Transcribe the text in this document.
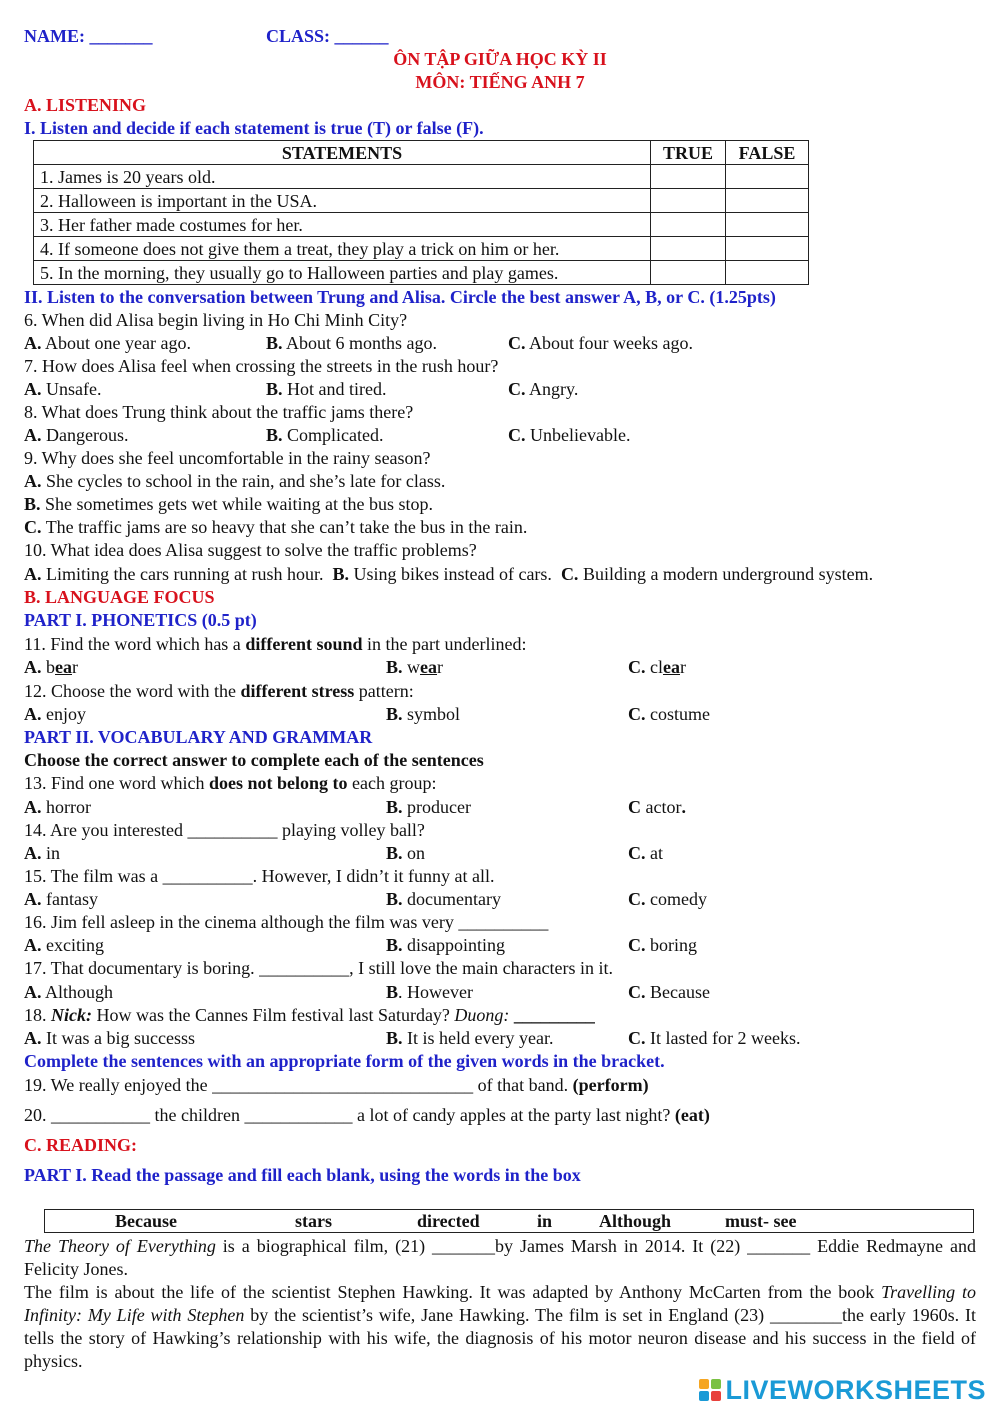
NAME: _______	CLASS: ______
ÔN TẬP GIỮA HỌC KỲ II
MÔN: TIẾNG ANH 7
A. LISTENING
I. Listen and decide if each statement is true (T) or false (F).
STATEMENTS	TRUE	FALSE
1. James is 20 years old.		
2. Halloween is important in the USA.		
3. Her father made costumes for her.		
4. If someone does not give them a treat, they play a trick on him or her.		
5. In the morning, they usually go to Halloween parties and play games.		
II. Listen to the conversation between Trung and Alisa. Circle the best answer A, B, or C. (1.25pts)
6. When did Alisa begin living in Ho Chi Minh City?
A. About one year ago.	B. About 6 months ago.	C. About four weeks ago.
7. How does Alisa feel when crossing the streets in the rush hour?
A. Unsafe.	B. Hot and tired.	C. Angry.
8. What does Trung think about the traffic jams there?
A. Dangerous.	B. Complicated.	C. Unbelievable.
9. Why does she feel uncomfortable in the rainy season?
A. She cycles to school in the rain, and she’s late for class.
B. She sometimes gets wet while waiting at the bus stop.
C. The traffic jams are so heavy that she can’t take the bus in the rain.
10. What idea does Alisa suggest to solve the traffic problems?
A. Limiting the cars running at rush hour. B. Using bikes instead of cars. C. Building a modern underground system.
B. LANGUAGE FOCUS
PART I. PHONETICS (0.5 pt)
11. Find the word which has a different sound in the part underlined:
A. bear	B. wear	C. clear
12. Choose the word with the different stress pattern:
A. enjoy	B. symbol	C. costume
PART II. VOCABULARY AND GRAMMAR
Choose the correct answer to complete each of the sentences
13. Find one word which does not belong to each group:
A. horror	B. producer	C actor.
14. Are you interested __________ playing volley ball?
A. in	B. on	C. at
15. The film was a __________. However, I didn’t it funny at all.
A. fantasy	B. documentary	C. comedy
16. Jim fell asleep in the cinema although the film was very __________
A. exciting	B. disappointing	C. boring
17. That documentary is boring. __________, I still love the main characters in it.
A. Although	B. However	C. Because
18. Nick: How was the Cannes Film festival last Saturday? Duong: _________
A. It was a big successs	B. It is held every year.	C. It lasted for 2 weeks.
Complete the sentences with an appropriate form of the given words in the bracket.
19. We really enjoyed the _____________________________ of that band. (perform)
20. ___________ the children ____________ a lot of candy apples at the party last night? (eat)
C. READING:
PART I. Read the passage and fill each blank, using the words in the box
Because	stars	directed	in	Although	must- see
The Theory of Everything is a biographical film, (21) _______by James Marsh in 2014. It (22) _______ Eddie Redmayne and Felicity Jones.
The film is about the life of the scientist Stephen Hawking. It was adapted by Anthony McCarten from the book Travelling to Infinity: My Life with Stephen by the scientist’s wife, Jane Hawking. The film is set in England (23) ________the early 1960s. It tells the story of Hawking’s relationship with his wife, the diagnosis of his motor neuron disease and his success in the field of physics.
LIVEWORKSHEETS
